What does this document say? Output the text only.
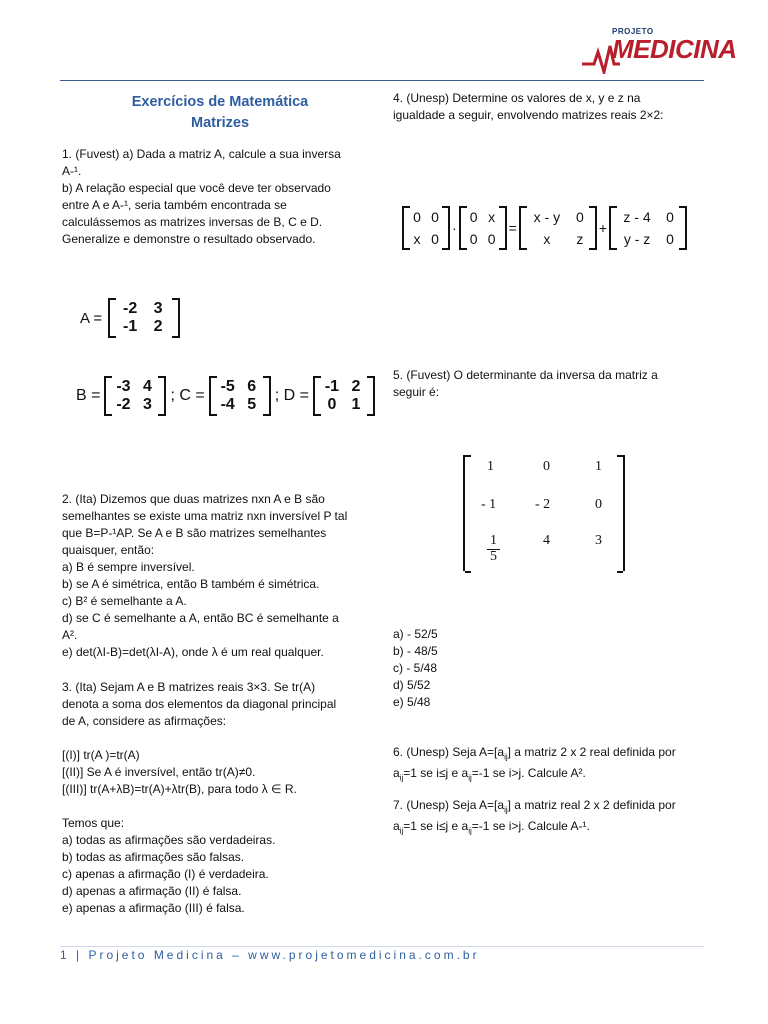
PROJETO
MEDICINA
Exercícios de Matemática
Matrizes
1. (Fuvest) a) Dada a matriz A, calcule a sua inversa
A-¹.
b) A relação especial que você deve ter observado
entre A e A-¹, seria também encontrada se
calculássemos as matrizes inversas de B, C e D.
Generalize e demonstre o resultado observado.
A =
-2	3
-1	2
B =
-3 4
-2 3
; C =
-5 6
-4 5
; D =
-1 2
0 1
2. (Ita) Dizemos que duas matrizes nxn A e B são
semelhantes se existe uma matriz nxn inversível P tal
que B=P-¹AP. Se A e B são matrizes semelhantes
quaisquer, então:
a) B é sempre inversível.
b) se A é simétrica, então B também é simétrica.
c) B² é semelhante a A.
d) se C é semelhante a A, então BC é semelhante a
A².
e) det(λI-B)=det(λI-A), onde λ é um real qualquer.
3. (Ita) Sejam A e B matrizes reais 3×3. Se tr(A)
denota a soma dos elementos da diagonal principal
de A, considere as afirmações:

[(I)] tr(A )=tr(A)
[(II)] Se A é inversível, então tr(A)≠0.
[(III)] tr(A+λB)=tr(A)+λtr(B), para todo λ ∈ R.

Temos que:
a) todas as afirmações são verdadeiras.
b) todas as afirmações são falsas.
c) apenas a afirmação (I) é verdadeira.
d) apenas a afirmação (II) é falsa.
e) apenas a afirmação (III) é falsa.
4. (Unesp) Determine os valores de x, y e z na
igualdade a seguir, envolvendo matrizes reais 2×2:
0 0
x 0
·
0 x
0 0
=
x - y	0
x	z
+
z - 4	0
y - z	0
5. (Fuvest) O determinante da inversa da matriz a
seguir é:
1	0	1
- 1	- 2	0
1
5
4	3
a) - 52/5
b) - 48/5
c) - 5/48
d) 5/52
e) 5/48

6. (Unesp) Seja $A=[a_{ij}]$ a matriz 2 x 2 real definida por
$a_{ij}=1$ se i≤j e $a_{ij}=-1$ se i>j. Calcule A².

7. (Unesp) Seja $A=[a_{ij}]$ a matriz real 2 x 2 definida por
$a_{ij}=1$ se i≤j e $a_{ij}=-1$ se i>j. Calcule A-¹.

1 | Projeto Medicina – www.projetomedicina.com.br
